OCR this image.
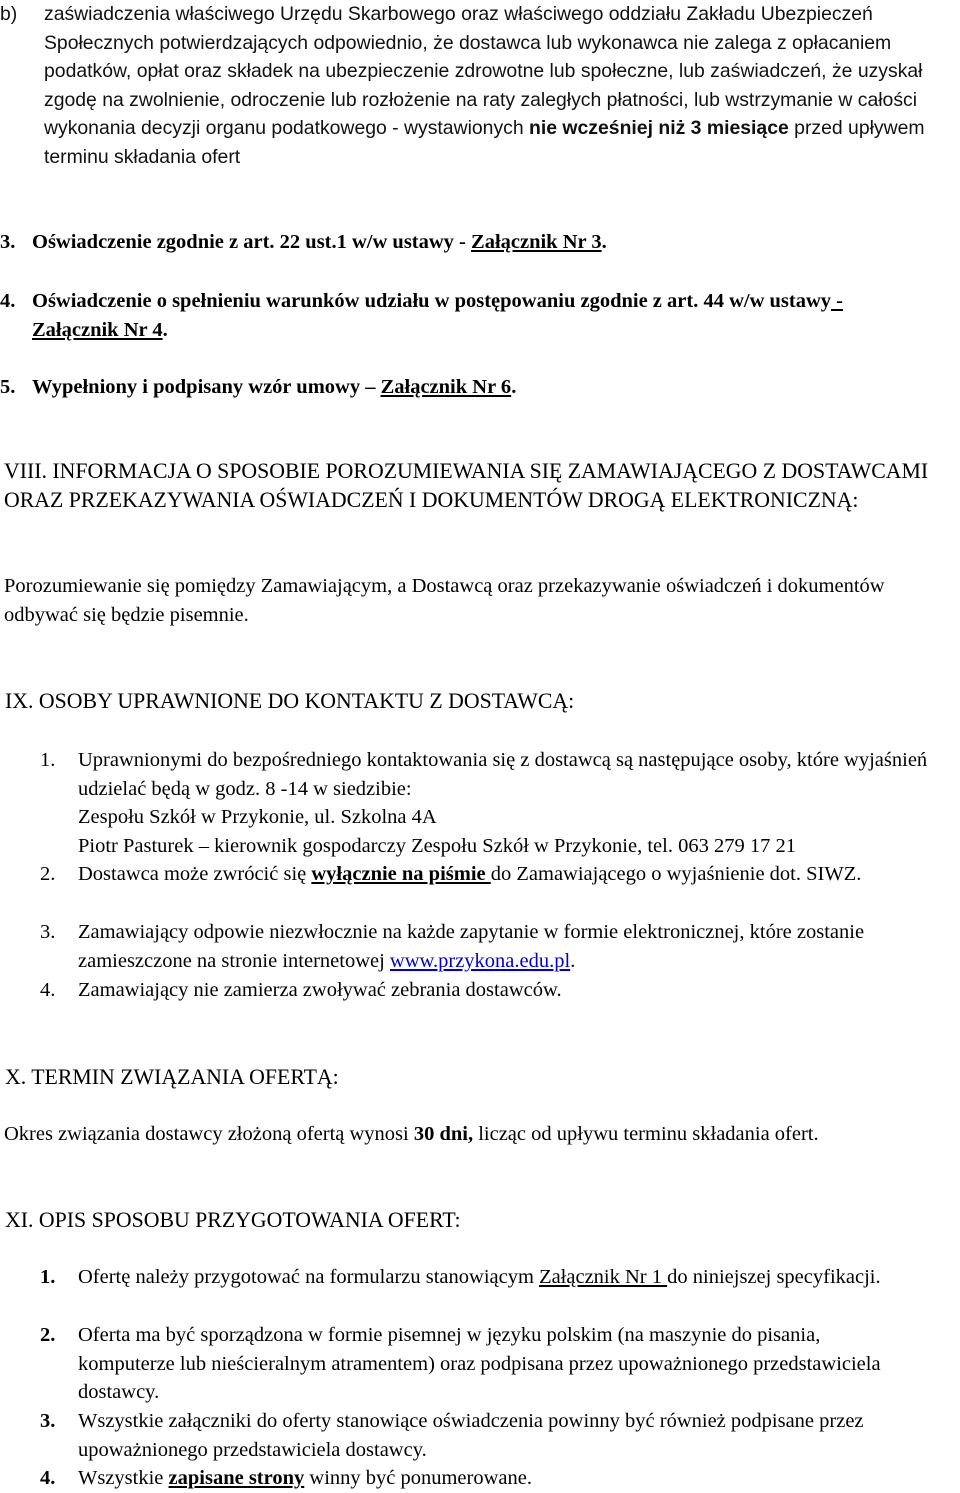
b)	zaświadczenia właściwego Urzędu Skarbowego oraz właściwego oddziału Zakładu Ubezpieczeń Społecznych potwierdzających odpowiednio, że dostawca lub wykonawca nie zalega z opłacaniem podatków, opłat oraz składek na ubezpieczenie zdrowotne lub społeczne, lub zaświadczeń, że uzyskał zgodę na zwolnienie, odroczenie lub rozłożenie na raty zaległych płatności, lub wstrzymanie w całości wykonania decyzji organu podatkowego - wystawionych nie wcześniej niż 3 miesiące przed upływem terminu składania ofert
3. Oświadczenie zgodnie z art. 22 ust.1 w/w ustawy - Załącznik Nr 3.
4. Oświadczenie o spełnieniu warunków udziału w postępowaniu zgodnie z art. 44 w/w ustawy - Załącznik Nr 4.
5. Wypełniony i podpisany wzór umowy – Załącznik Nr 6.
VIII. INFORMACJA O SPOSOBIE POROZUMIEWANIA SIĘ ZAMAWIAJĄCEGO Z DOSTAWCAMI ORAZ PRZEKAZYWANIA OŚWIADCZEŃ I DOKUMENTÓW DROGĄ ELEKTRONICZNĄ:
Porozumiewanie się pomiędzy Zamawiającym, a Dostawcą oraz przekazywanie oświadczeń i dokumentów odbywać się będzie pisemnie.
IX. OSOBY UPRAWNIONE DO KONTAKTU Z DOSTAWCĄ:
1.	Uprawnionymi do bezpośredniego kontaktowania się z dostawcą są następujące osoby, które wyjaśnień udzielać będą w godz. 8 -14 w siedzibie:
Zespołu Szkół w Przykonie, ul. Szkolna 4A
Piotr Pasturek – kierownik gospodarczy Zespołu Szkół w Przykonie, tel. 063 279 17 21
2.	Dostawca może zwrócić się wyłącznie na piśmie do Zamawiającego o wyjaśnienie dot. SIWZ.
3.	Zamawiający odpowie niezwłocznie na każde zapytanie w formie elektronicznej, które zostanie zamieszczone na stronie internetowej www.przykona.edu.pl.
4.	Zamawiający nie zamierza zwoływać zebrania dostawców.
X. TERMIN ZWIĄZANIA OFERTĄ:
Okres związania dostawcy złożoną ofertą wynosi 30 dni, licząc od upływu terminu składania ofert.
XI. OPIS SPOSOBU PRZYGOTOWANIA OFERT:
1.	Ofertę należy przygotować na formularzu stanowiącym Załącznik Nr 1 do niniejszej specyfikacji.
2.	Oferta ma być sporządzona w formie pisemnej w języku polskim (na maszynie do pisania, komputerze lub nieścieralnym atramentem) oraz podpisana przez upoważnionego przedstawiciela dostawcy.
3.	Wszystkie załączniki do oferty stanowiące oświadczenia powinny być również podpisane przez upoważnionego przedstawiciela dostawcy.
4.	Wszystkie zapisane strony winny być ponumerowane.
